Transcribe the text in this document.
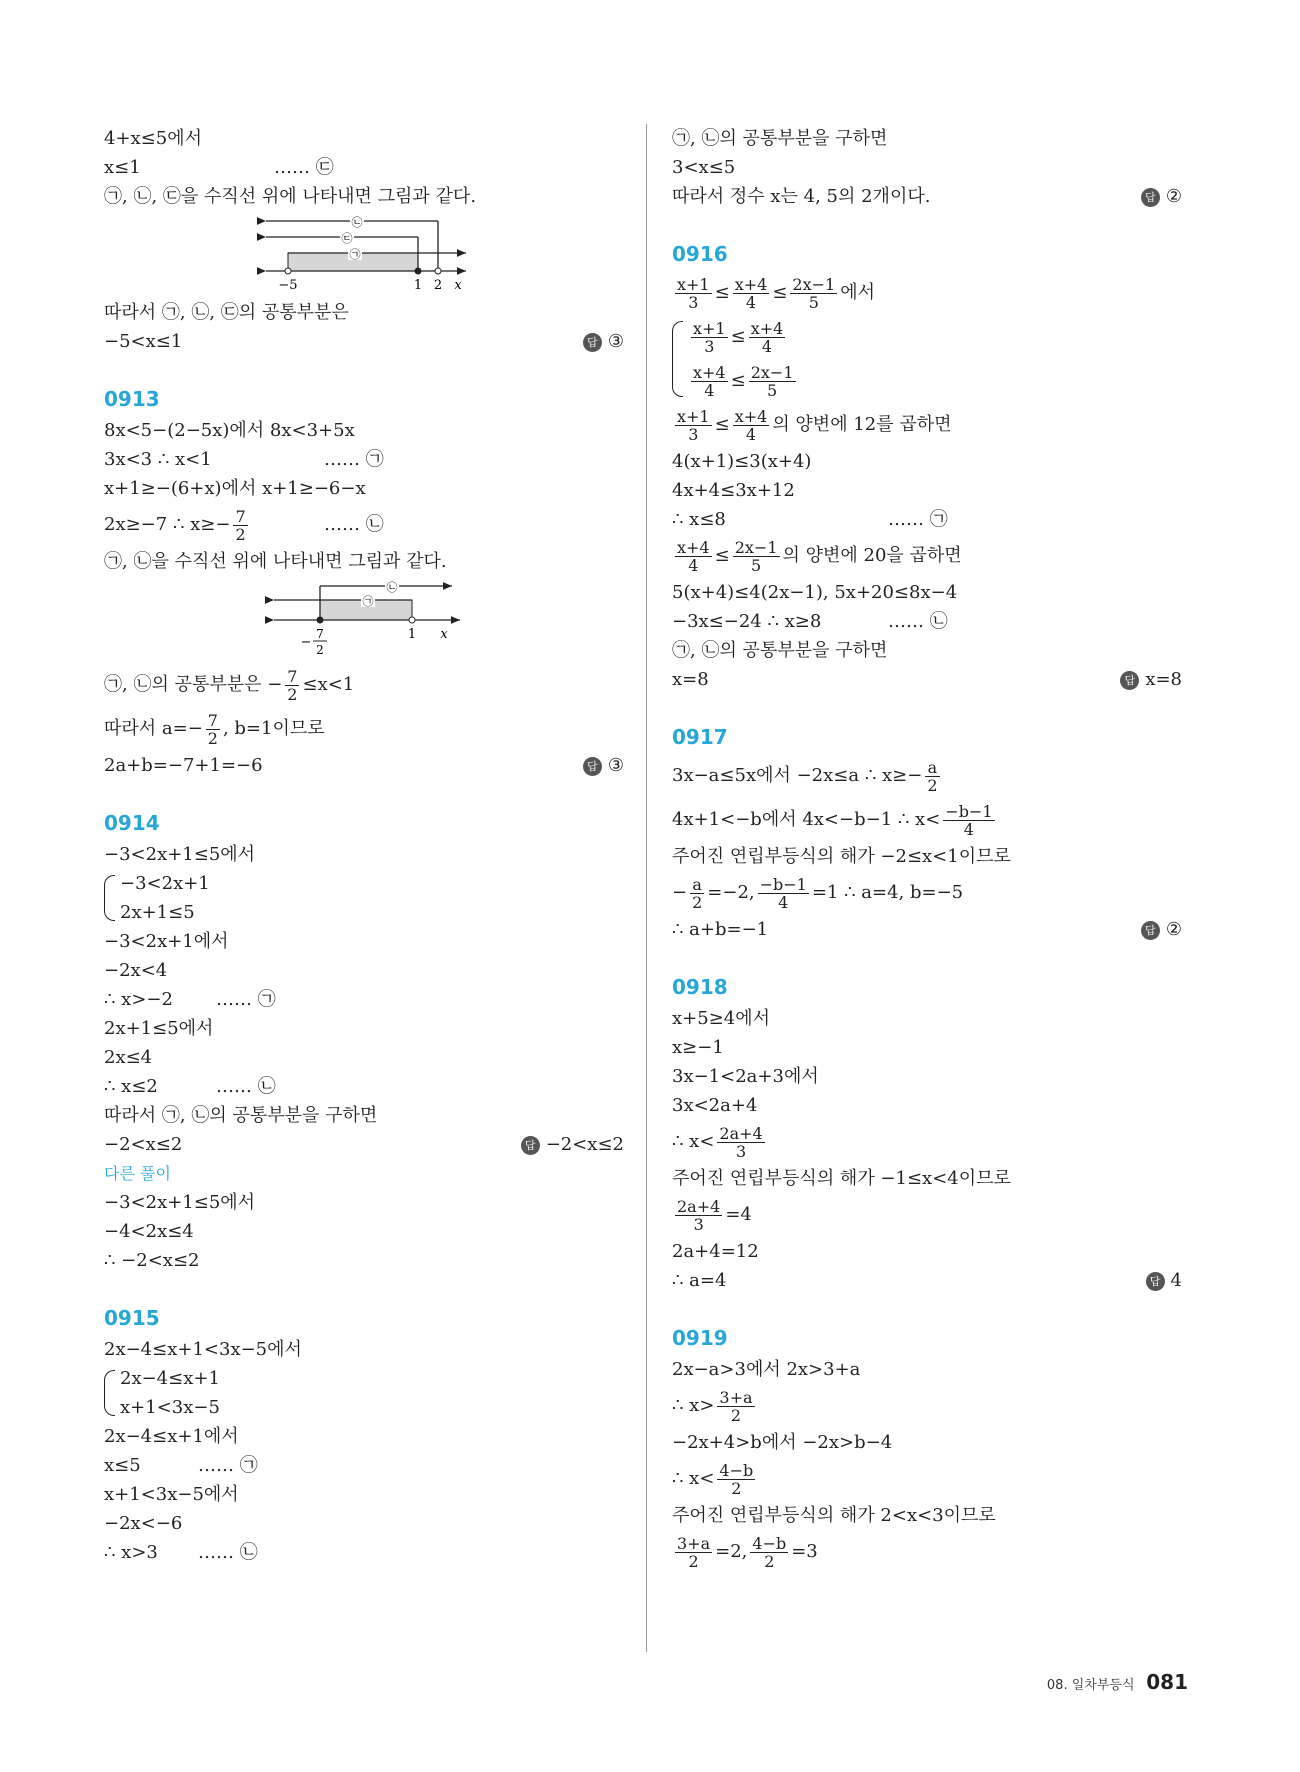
4+x≤5에서
x≤1	…… ㉢
㉠, ㉡, ㉢을 수직선 위에 나타내면 그림과 같다.
㉡
㉢
㉠
−5	1 2 x
따라서 ㉠, ㉡, ㉢의 공통부분은
−5<x≤1	답 ③
0913
8x<5−(2−5x)에서 8x<3+5x
3x<3 ∴ x<1	…… ㉠
x+1≥−(6+x)에서 x+1≥−6−x
2x≥−7 ∴ $x\ge- \frac{7}{2}$	…… ㉡
㉠, ㉡을 수직선 위에 나타내면 그림과 같다.
㉡
㉠
−
7
2
1 x
㉠, ㉡의 공통부분은 − $\frac{7}{2} \le x<1$
따라서 $a=- \frac{7}{2}$ , b=1이므로
2a+b=−7+1=−6	답 ③
0914
−3<2x+1≤5에서
−3<2x+1
2x+1≤5
−3<2x+1에서
−2x<4
∴ x>−2 …… ㉠
2x+1≤5에서
2x≤4
∴ x≤2	…… ㉡
따라서 ㉠, ㉡의 공통부분을 구하면
−2<x≤2	답 −2<x≤2
다른 풀이
−3<2x+1≤5에서
−4<2x≤4
∴ −2<x≤2
0915
2x−4≤x+1<3x−5에서
2x−4≤x+1
x+1<3x−5
2x−4≤x+1에서
x≤5	…… ㉠
x+1<3x−5에서
−2x<−6
∴ x>3 …… ㉡
㉠, ㉡의 공통부분을 구하면
3<x≤5
따라서 정수 x는 4, 5의 2개이다.	답 ②
0916
$\frac{x+1}{3} \le \frac{x+4}{4} \le \frac{2x-1}{5}$ 에서
$\frac{x+1}{3} \le \frac{x+4}{4}$
$\frac{x+4}{4} \le \frac{2x-1}{5}$
$\frac{x+1}{3} \le \frac{x+4}{4}$ 의 양변에 12를 곱하면
4(x+1)≤3(x+4)
4x+4≤3x+12
∴ x≤8	…… ㉠
$\frac{x+4}{4} \le \frac{2x-1}{5}$ 의 양변에 20을 곱하면
5(x+4)≤4(2x−1), 5x+20≤8x−4
−3x≤−24 ∴ x≥8	…… ㉡
㉠, ㉡의 공통부분을 구하면
x=8	답 x=8
0917
3x−a≤5x에서 −2x≤a ∴ $x\ge- \frac{a}{2}$
4x+1<−b에서 4x<−b−1 ∴ $x< \frac{-b-1}{4}$
주어진 연립부등식의 해가 −2≤x<1이므로
− $\frac{a}{2} =-2$, $\frac{-b-1}{4} =1$ ∴ a=4, b=−5
∴ a+b=−1	답 ②
0918
x+5≥4에서
x≥−1
3x−1<2a+3에서
3x<2a+4
∴ $x< \frac{2a+4}{3}$
주어진 연립부등식의 해가 −1≤x<4이므로
$\frac{2a+4}{3} =4$
2a+4=12
∴ a=4	답 4
0919
2x−a>3에서 2x>3+a
∴ $x> \frac{3+a}{2}$
−2x+4>b에서 −2x>b−4
∴ $x< \frac{4-b}{2}$
주어진 연립부등식의 해가 2<x<3이므로
$\frac{3+a}{2} =2$, $\frac{4-b}{2} =3$
08. 일차부등식 081
